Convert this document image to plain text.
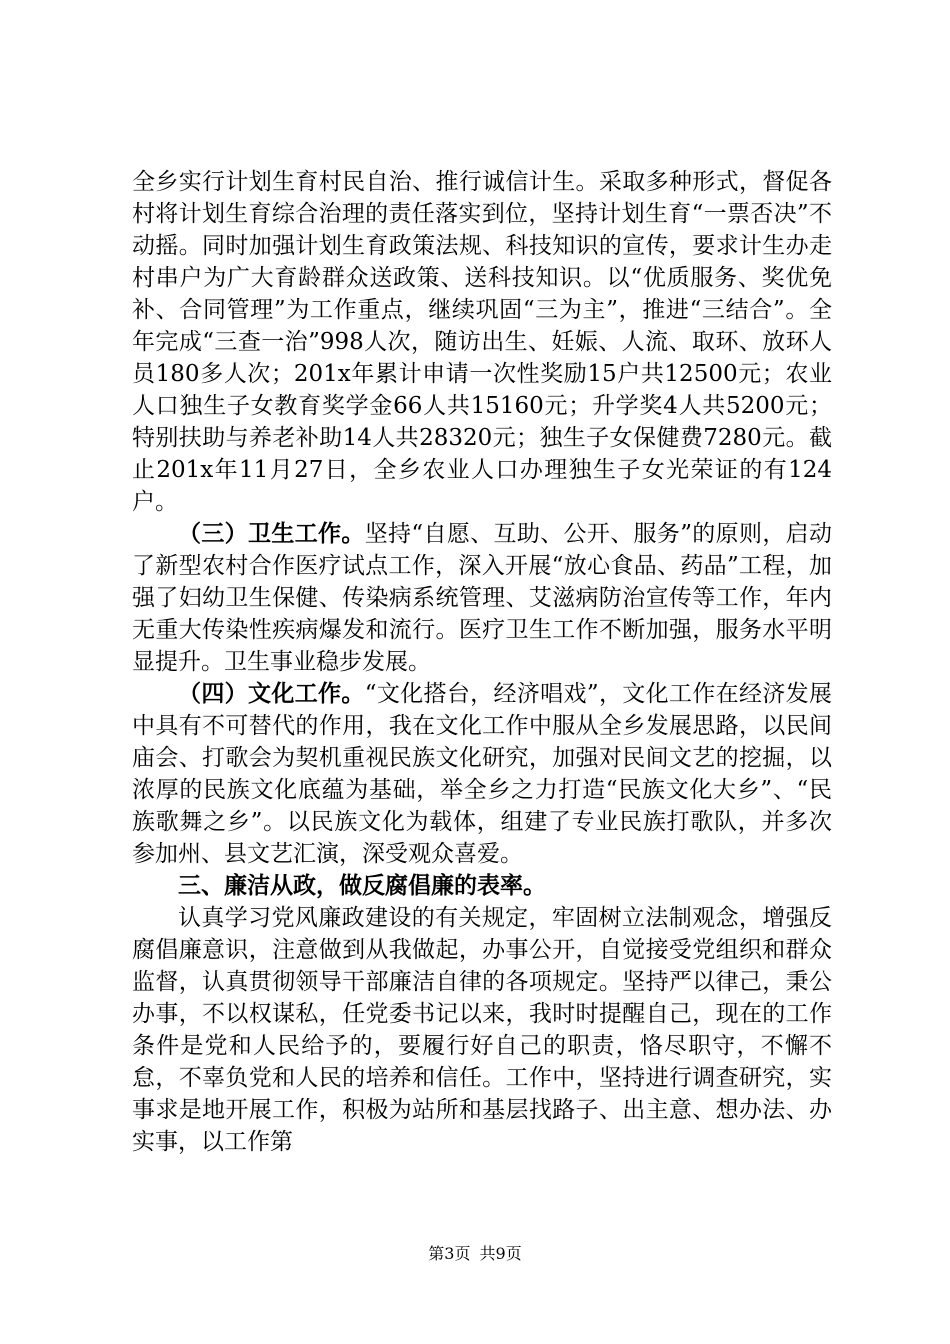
全乡实行计划生育村民自治、推行诚信计生。采取多种形式，督促各村将计划生育综合治理的责任落实到位，坚持计划生育“一票否决”不动摇。同时加强计划生育政策法规、科技知识的宣传，要求计生办走村串户为广大育龄群众送政策、送科技知识。以“优质服务、奖优免补、合同管理”为工作重点，继续巩固“三为主”，推进“三结合”。全年完成“三查一治”998人次，随访出生、妊娠、人流、取环、放环人员180多人次；201x年累计申请一次性奖励15户共12500元；农业人口独生子女教育奖学金66人共15160元；升学奖4人共5200元；特别扶助与养老补助14人共28320元；独生子女保健费7280元。截止201x年11月27日，全乡农业人口办理独生子女光荣证的有124户。

（三）卫生工作。坚持“自愿、互助、公开、服务”的原则，启动了新型农村合作医疗试点工作，深入开展“放心食品、药品”工程，加强了妇幼卫生保健、传染病系统管理、艾滋病防治宣传等工作，年内无重大传染性疾病爆发和流行。医疗卫生工作不断加强，服务水平明显提升。卫生事业稳步发展。

（四）文化工作。“文化搭台，经济唱戏”，文化工作在经济发展中具有不可替代的作用，我在文化工作中服从全乡发展思路，以民间庙会、打歌会为契机重视民族文化研究，加强对民间文艺的挖掘，以浓厚的民族文化底蕴为基础，举全乡之力打造“民族文化大乡”、“民族歌舞之乡”。以民族文化为载体，组建了专业民族打歌队，并多次参加州、县文艺汇演，深受观众喜爱。

三、廉洁从政，做反腐倡廉的表率。

认真学习党风廉政建设的有关规定，牢固树立法制观念，增强反腐倡廉意识，注意做到从我做起，办事公开，自觉接受党组织和群众监督，认真贯彻领导干部廉洁自律的各项规定。坚持严以律己，秉公办事，不以权谋私，任党委书记以来，我时时提醒自己，现在的工作条件是党和人民给予的，要履行好自己的职责，恪尽职守，不懈不怠，不辜负党和人民的培养和信任。工作中，坚持进行调查研究，实事求是地开展工作，积极为站所和基层找路子、出主意、想办法、办实事，以工作第

第3页 共9页
